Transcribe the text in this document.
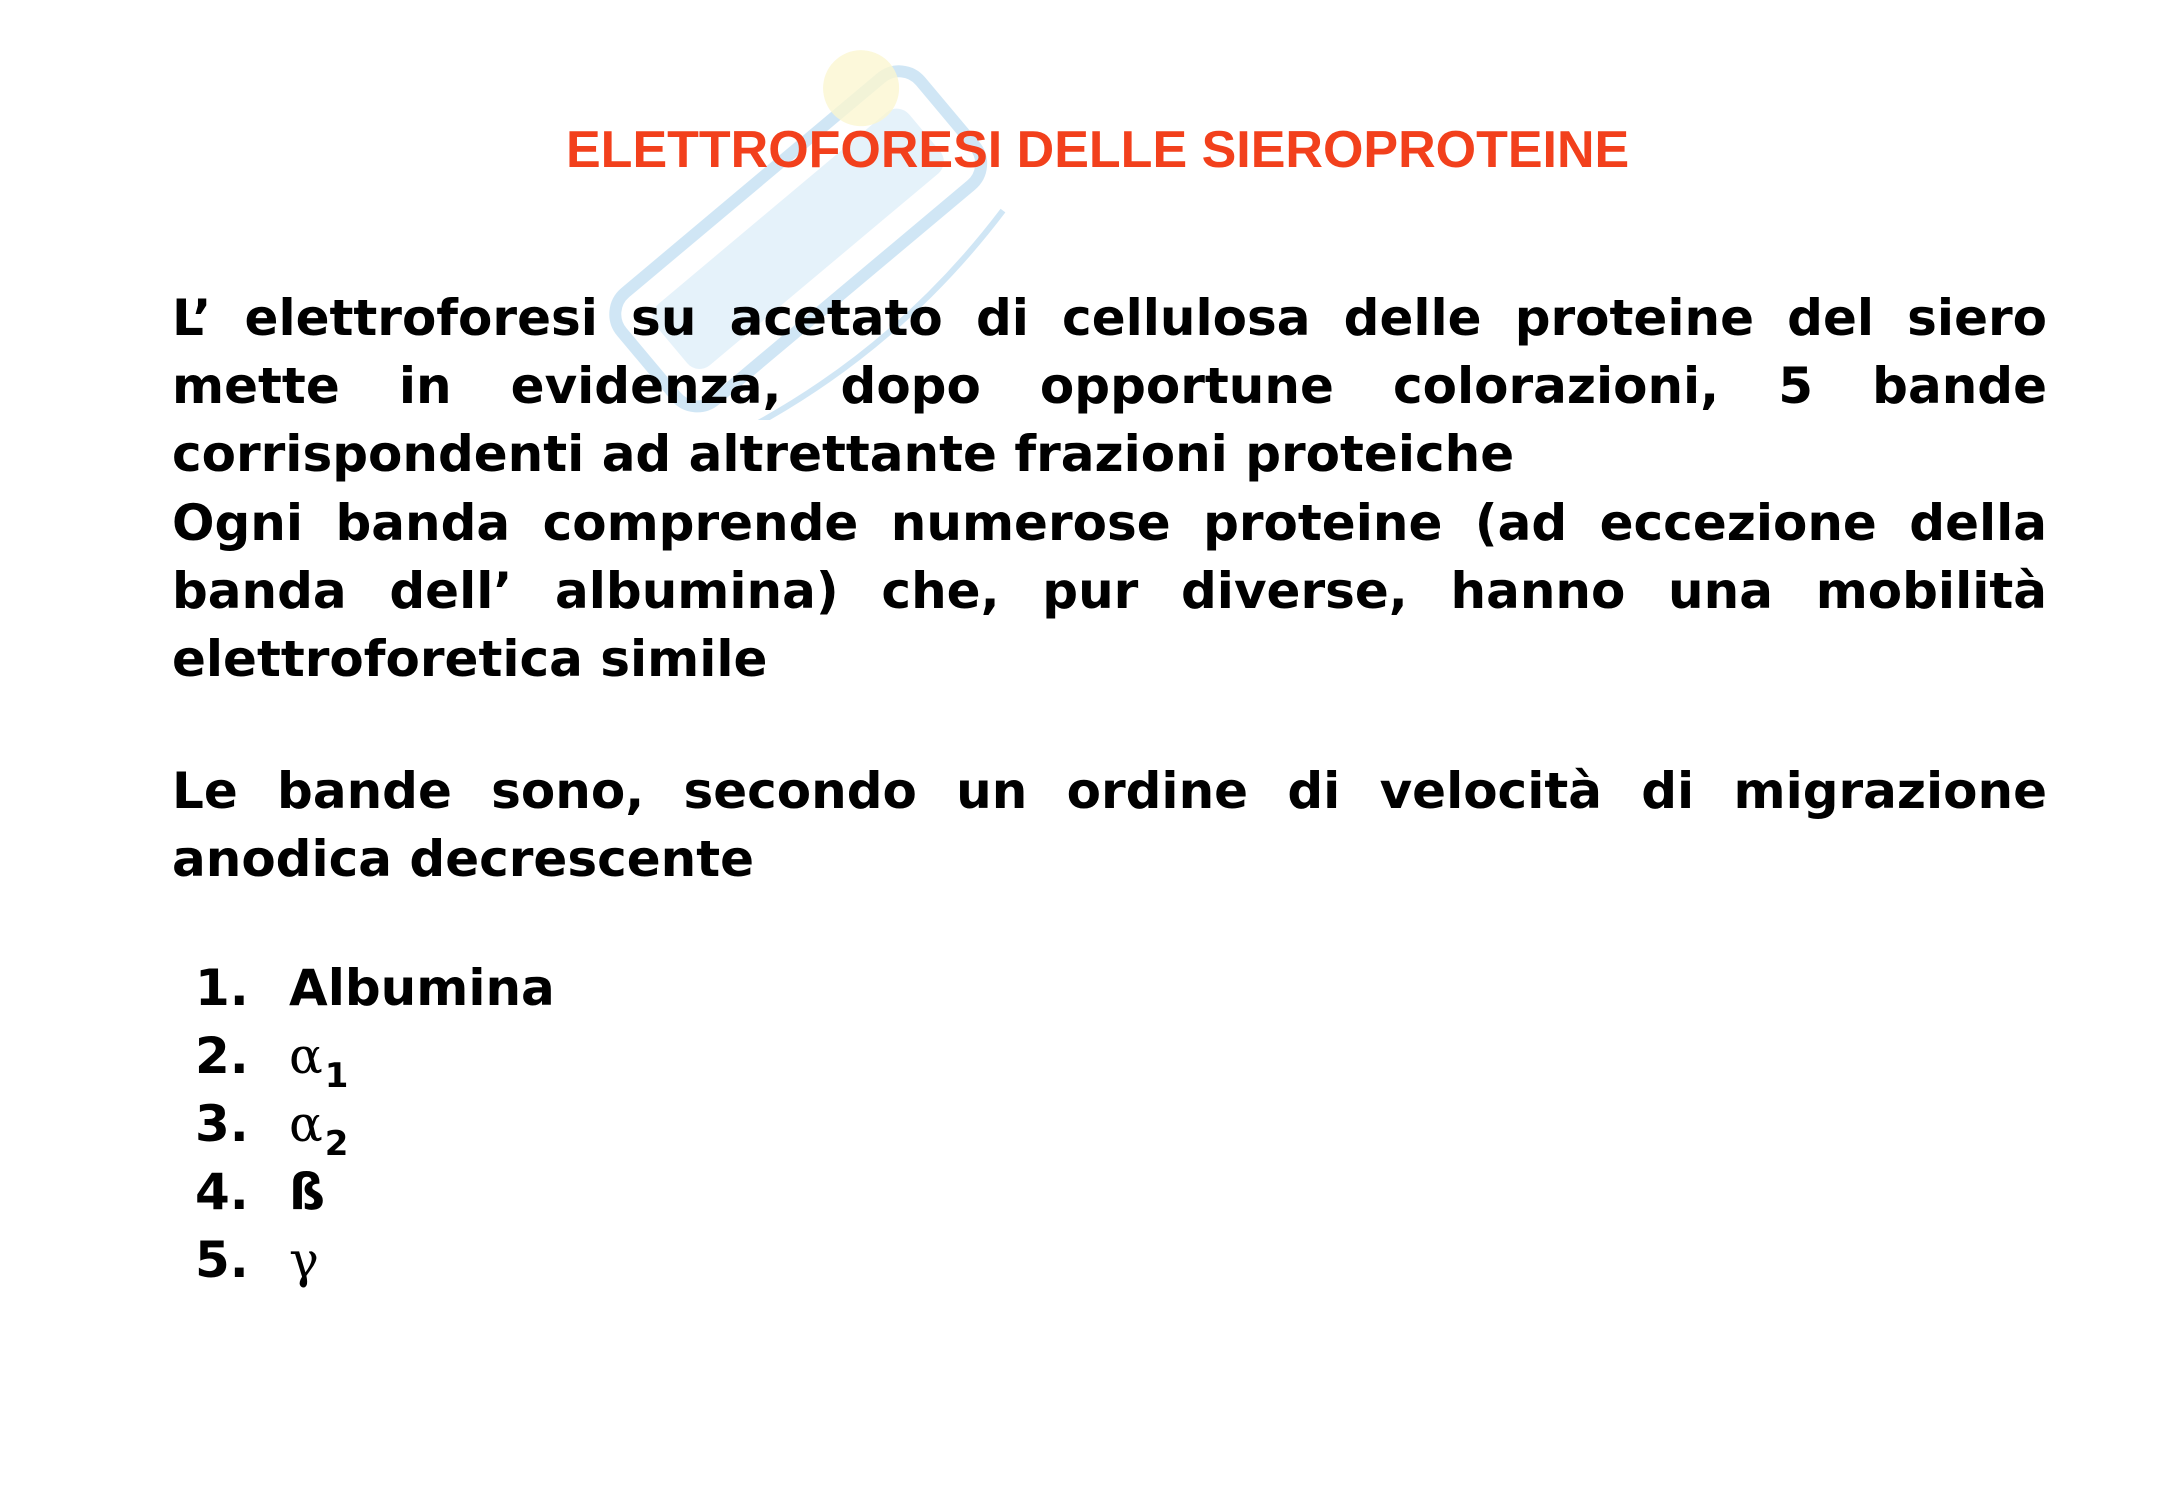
ELETTROFORESI DELLE SIEROPROTEINE

L’ elettroforesi su acetato di cellulosa delle proteine del siero mette in evidenza, dopo opportune colorazioni, 5 bande corrispondenti ad altrettante frazioni proteiche

Ogni banda comprende numerose proteine (ad eccezione della banda dell’ albumina) che, pur diverse, hanno una mobilità elettroforetica simile

Le bande sono, secondo un ordine di velocità di migrazione anodica decrescente

1. Albumina
2. $\alpha_1$
3. $\alpha_2$
4. ß
5. γ
